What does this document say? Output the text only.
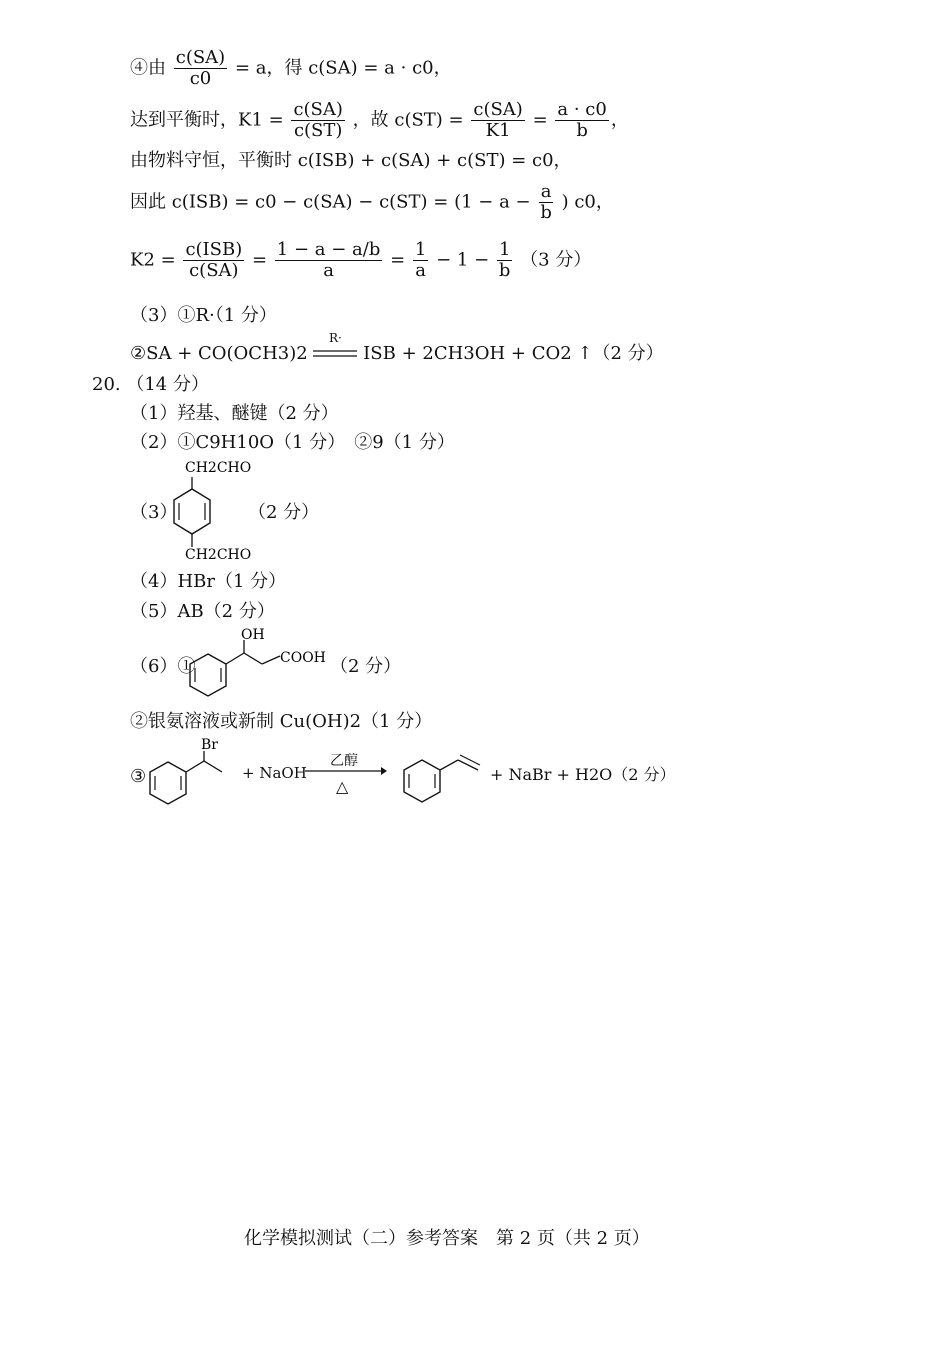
④由 $\frac{c(SA)}{c0} = a$，得 c(SA) = a · c0，
达到平衡时，$K1 = \frac{c(SA)}{c(ST)}$ ，故 $c(ST) = \frac{c(SA)}{K1} = \frac{a \cdot c0}{b}$ ，
由物料守恒，平衡时 c(ISB) + c(SA) + c(ST) = c0，
因此 $c(ISB) = c0 - c(SA) - c(ST) = (1 - a - \frac{a}{b}$ ) c0，
$K2 = \frac{\text{c(ISB)}}{c(SA)} = \frac{1 - a - a/b}{a} = \frac{1}{a} - 1 - \frac{1}{b} (3$ 分）
（3）①R·（1 分）
②SA + CO(OCH3)2
R·
ISB + 2CH3OH + CO2 ↑（2 分）
20. （14 分）
（1）羟基、醚键（2 分）
（2）①C9H10O（1 分）　②9（1 分）
（3）
CH2CHO
CH2CHO
（2 分）
（4）HBr（1 分）
（5）AB（2 分）
（6）①
OH
COOH （2 分）
②银氨溶液或新制 Cu(OH)2（1 分）
③
Br
+ NaOH
乙醇
△
+ NaBr + H2O（2 分）
化学模拟测试（二）参考答案　第 2 页（共 2 页）
